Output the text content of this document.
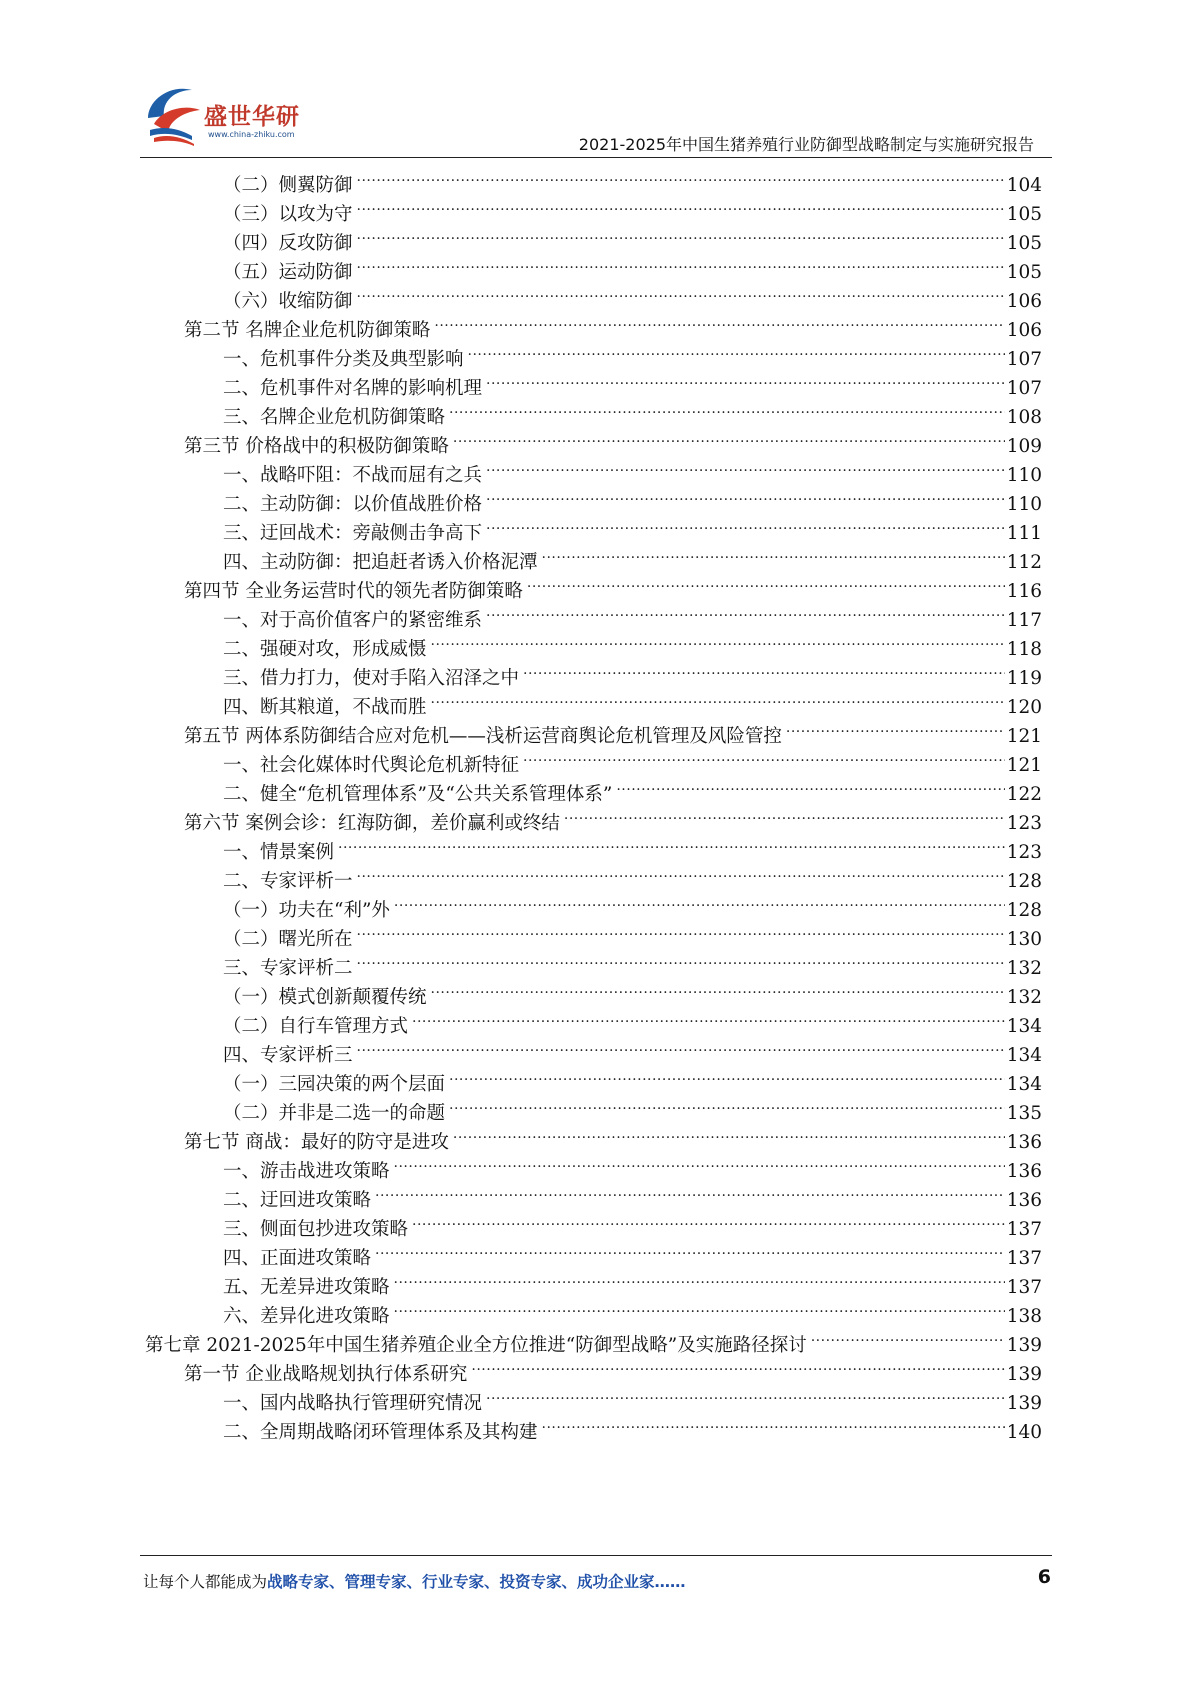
盛世华研
www.china-zhiku.com
2021-2025年中国生猪养殖行业防御型战略制定与实施研究报告
（二）侧翼防御 .....	104
（三）以攻为守 .....	105
（四）反攻防御 .....	105
（五）运动防御 .....	105
（六）收缩防御 .....	106
第二节 名牌企业危机防御策略 .....	106
一、危机事件分类及典型影响 .....	107
二、危机事件对名牌的影响机理 .....	107
三、名牌企业危机防御策略 .....	108
第三节 价格战中的积极防御策略 .....	109
一、战略吓阻：不战而屈有之兵 .....	110
二、主动防御：以价值战胜价格 .....	110
三、迂回战术：旁敲侧击争高下 .....	111
四、主动防御：把追赶者诱入价格泥潭 .....	112
第四节 全业务运营时代的领先者防御策略 .....	116
一、对于高价值客户的紧密维系 .....	117
二、强硬对攻，形成威慑 .....	118
三、借力打力，使对手陷入沼泽之中 .....	119
四、断其粮道，不战而胜 .....	120
第五节 两体系防御结合应对危机——浅析运营商舆论危机管理及风险管控 .....	121
一、社会化媒体时代舆论危机新特征 .....	121
二、健全“危机管理体系”及“公共关系管理体系” .....	122
第六节 案例会诊：红海防御，差价赢利或终结 .....	123
一、情景案例 .....	123
二、专家评析一 .....	128
（一）功夫在“利”外 .....	128
（二）曙光所在 .....	130
三、专家评析二 .....	132
（一）模式创新颠覆传统 .....	132
（二）自行车管理方式 .....	134
四、专家评析三 .....	134
（一）三园决策的两个层面 .....	134
（二）并非是二选一的命题 .....	135
第七节 商战：最好的防守是进攻 .....	136
一、游击战进攻策略 .....	136
二、迂回进攻策略 .....	136
三、侧面包抄进攻策略 .....	137
四、正面进攻策略 .....	137
五、无差异进攻策略 .....	137
六、差异化进攻策略 .....	138
第七章 2021-2025年中国生猪养殖企业全方位推进“防御型战略”及实施路径探讨 .....	139
第一节 企业战略规划执行体系研究 .....	139
一、国内战略执行管理研究情况 .....	139
二、全周期战略闭环管理体系及其构建 .....	140
让每个人都能成为战略专家、管理专家、行业专家、投资专家、成功企业家……	6
